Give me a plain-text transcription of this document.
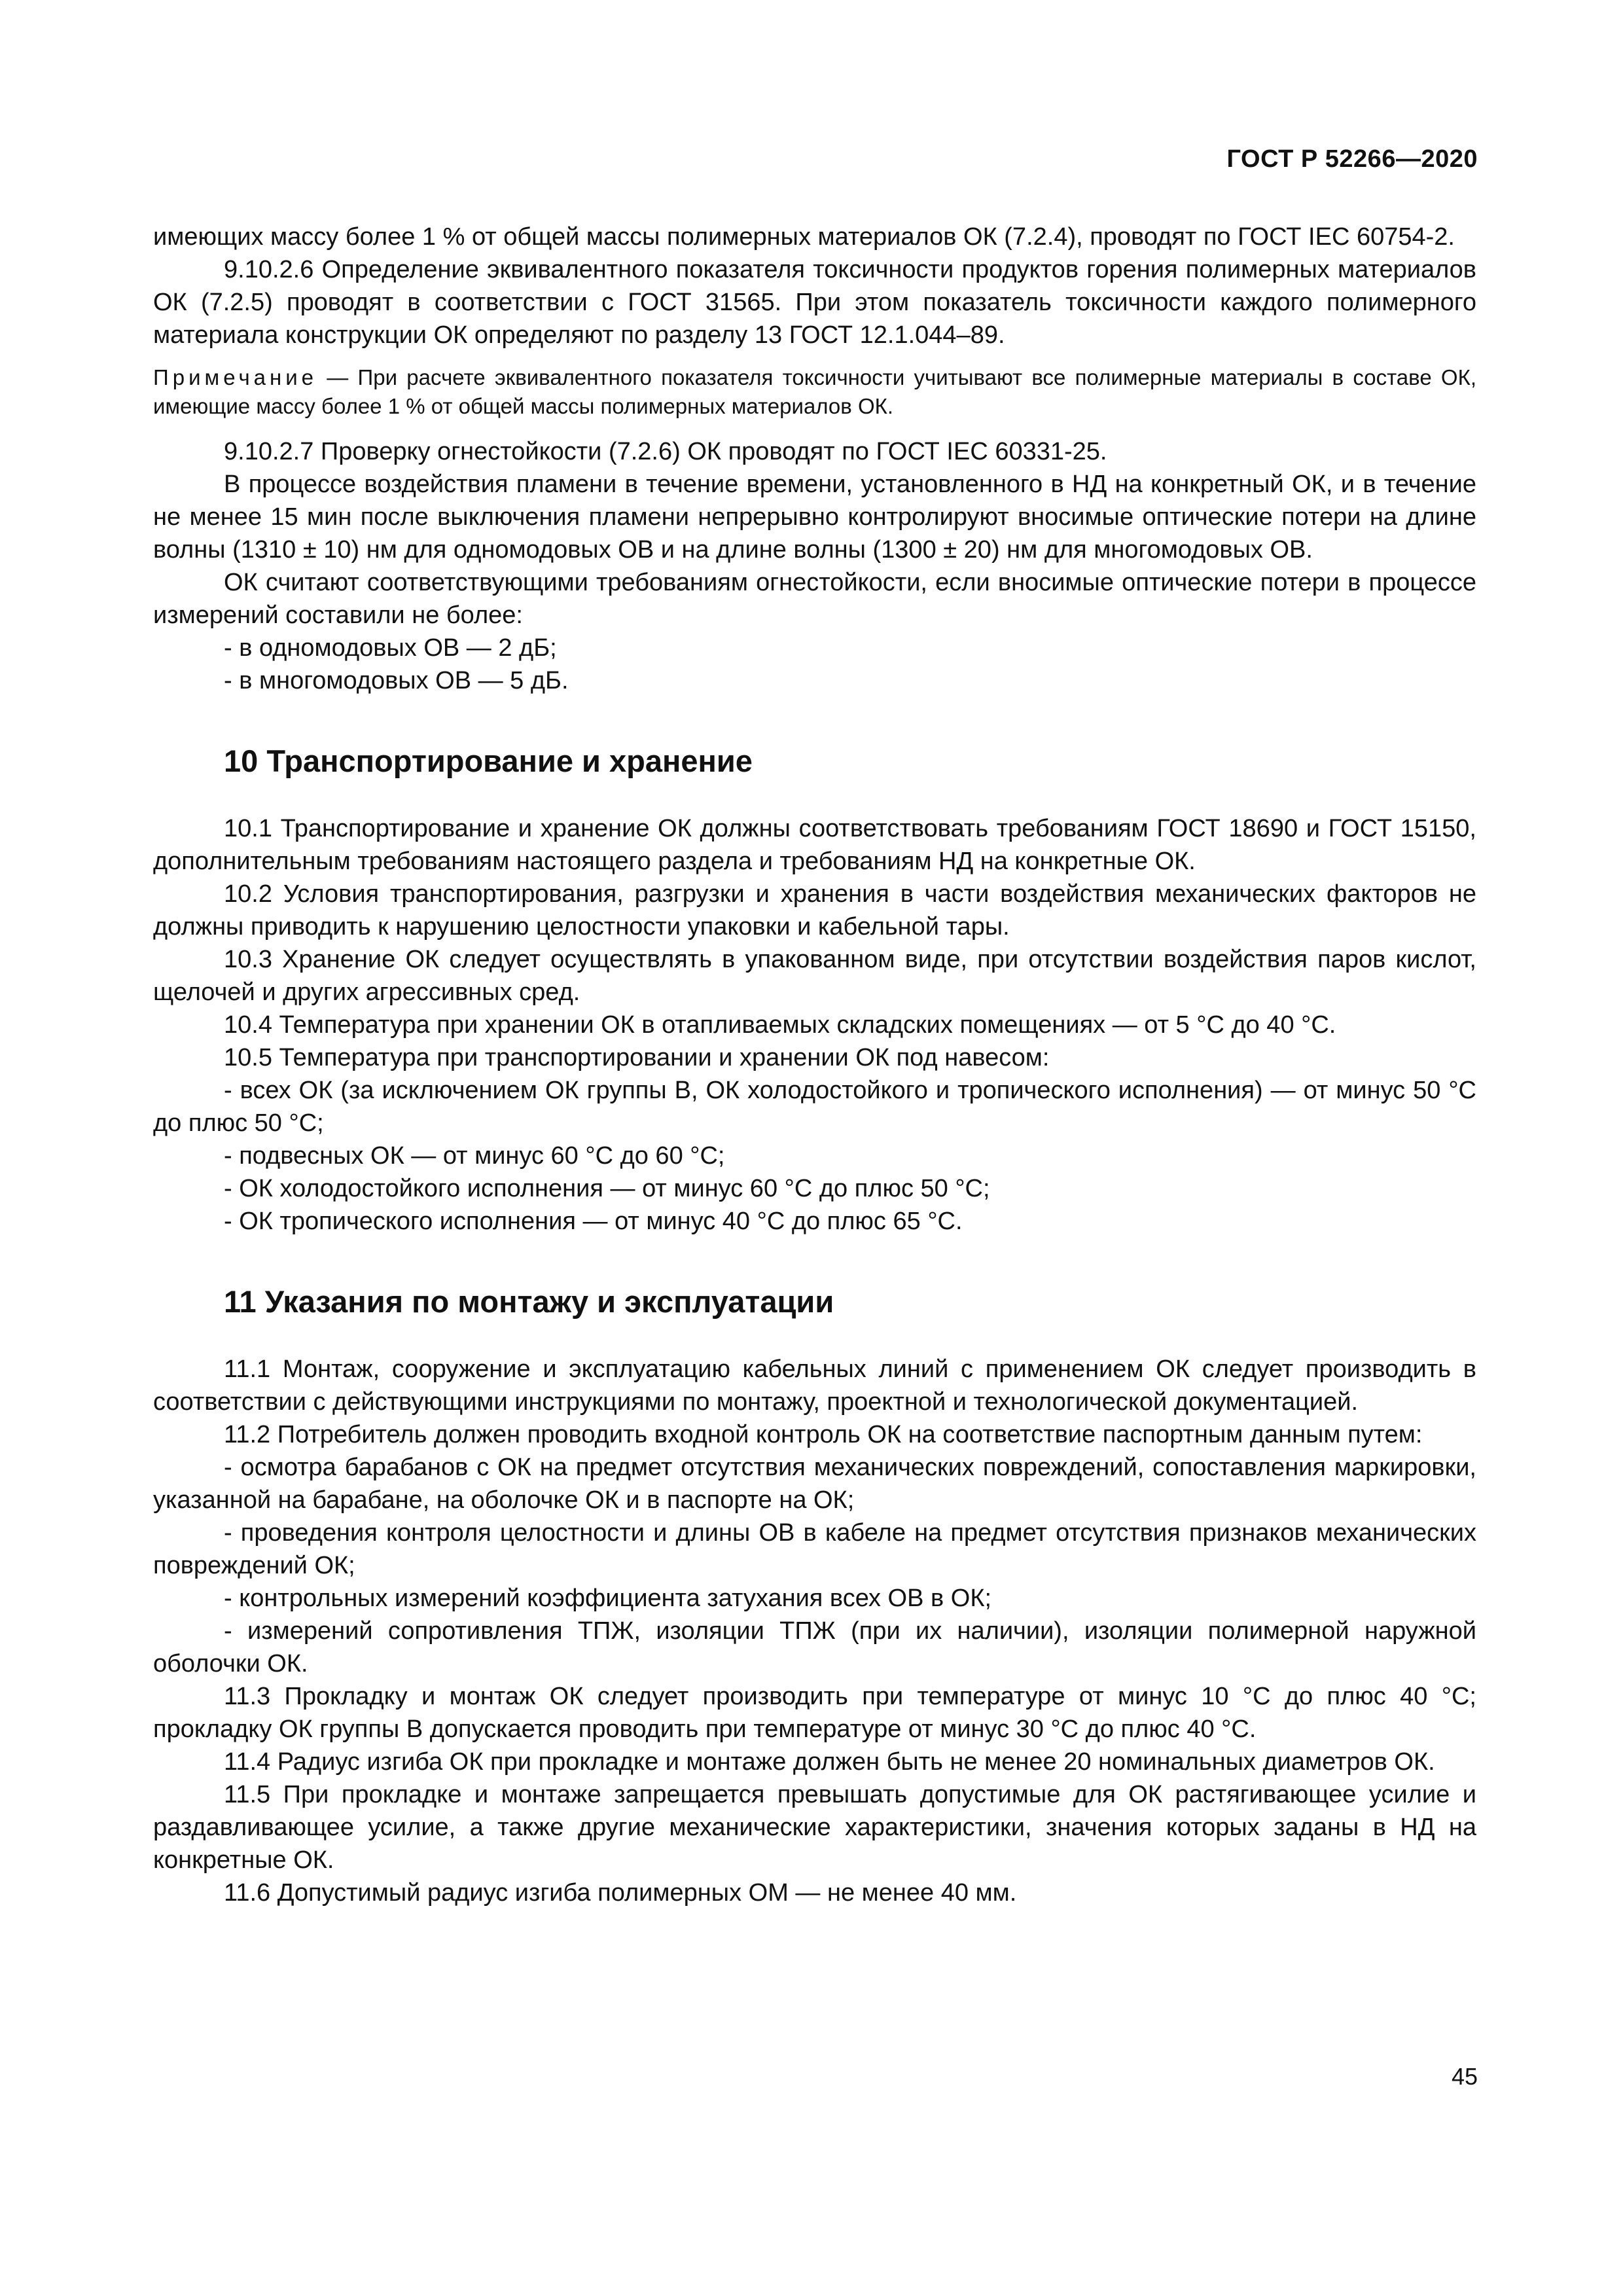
ГОСТ Р 52266—2020

имеющих массу более 1 % от общей массы полимерных материалов ОК (7.2.4), проводят по ГОСТ IEC 60754-2.

9.10.2.6 Определение эквивалентного показателя токсичности продуктов горения полимерных материалов ОК (7.2.5) проводят в соответствии с ГОСТ 31565. При этом показатель токсичности каждого полимерного материала конструкции ОК определяют по разделу 13 ГОСТ 12.1.044–89.

Примечание — При расчете эквивалентного показателя токсичности учитывают все полимерные материалы в составе ОК, имеющие массу более 1 % от общей массы полимерных материалов ОК.

9.10.2.7 Проверку огнестойкости (7.2.6) ОК проводят по ГОСТ IEC 60331-25.

В процессе воздействия пламени в течение времени, установленного в НД на конкретный ОК, и в течение не менее 15 мин после выключения пламени непрерывно контролируют вносимые оптические потери на длине волны (1310 ± 10) нм для одномодовых ОВ и на длине волны (1300 ± 20) нм для многомодовых ОВ.

ОК считают соответствующими требованиям огнестойкости, если вносимые оптические потери в процессе измерений составили не более:

- в одномодовых ОВ — 2 дБ;

- в многомодовых ОВ — 5 дБ.

10 Транспортирование и хранение

10.1 Транспортирование и хранение ОК должны соответствовать требованиям ГОСТ 18690 и ГОСТ 15150, дополнительным требованиям настоящего раздела и требованиям НД на конкретные ОК.

10.2 Условия транспортирования, разгрузки и хранения в части воздействия механических факторов не должны приводить к нарушению целостности упаковки и кабельной тары.

10.3 Хранение ОК следует осуществлять в упакованном виде, при отсутствии воздействия паров кислот, щелочей и других агрессивных сред.

10.4 Температура при хранении ОК в отапливаемых складских помещениях — от 5 °С до 40 °С.

10.5 Температура при транспортировании и хранении ОК под навесом:

- всех ОК (за исключением ОК группы В, ОК холодостойкого и тропического исполнения) — от минус 50 °С до плюс 50 °С;

- подвесных ОК — от минус 60 °С до 60 °С;

- ОК холодостойкого исполнения — от минус 60 °С до плюс 50 °С;

- ОК тропического исполнения — от минус 40 °С до плюс 65 °С.

11 Указания по монтажу и эксплуатации

11.1 Монтаж, сооружение и эксплуатацию кабельных линий с применением ОК следует производить в соответствии с действующими инструкциями по монтажу, проектной и технологической документацией.

11.2 Потребитель должен проводить входной контроль ОК на соответствие паспортным данным путем:

- осмотра барабанов с ОК на предмет отсутствия механических повреждений, сопоставления маркировки, указанной на барабане, на оболочке ОК и в паспорте на ОК;

- проведения контроля целостности и длины ОВ в кабеле на предмет отсутствия признаков механических повреждений ОК;

- контрольных измерений коэффициента затухания всех ОВ в ОК;

- измерений сопротивления ТПЖ, изоляции ТПЖ (при их наличии), изоляции полимерной наружной оболочки ОК.

11.3 Прокладку и монтаж ОК следует производить при температуре от минус 10 °С до плюс 40 °С; прокладку ОК группы В допускается проводить при температуре от минус 30 °С до плюс 40 °С.

11.4 Радиус изгиба ОК при прокладке и монтаже должен быть не менее 20 номинальных диаметров ОК.

11.5 При прокладке и монтаже запрещается превышать допустимые для ОК растягивающее усилие и раздавливающее усилие, а также другие механические характеристики, значения которых заданы в НД на конкретные ОК.

11.6 Допустимый радиус изгиба полимерных ОМ — не менее 40 мм.

45
